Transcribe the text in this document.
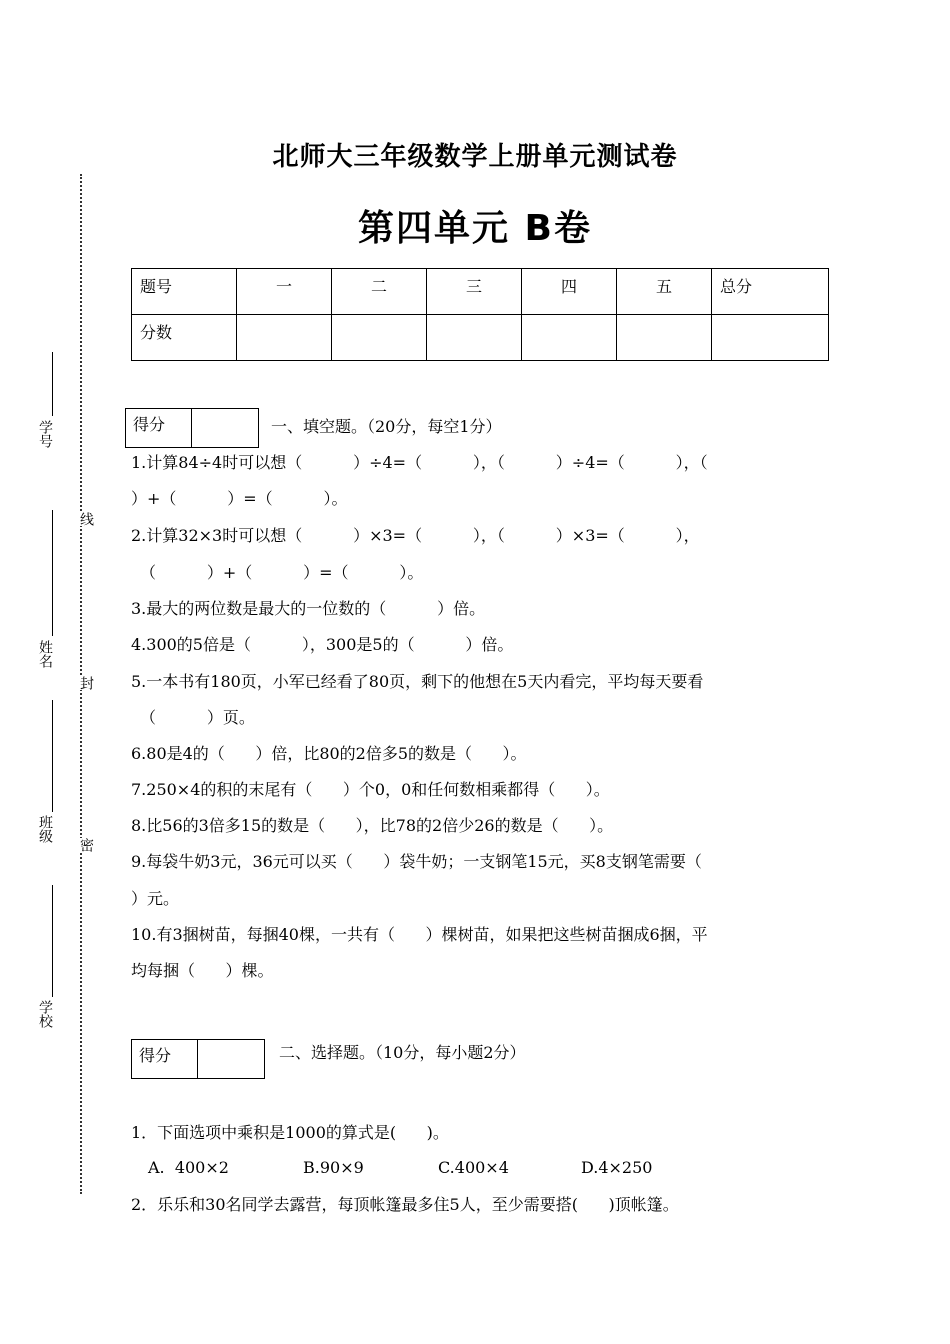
学号
姓名
班级
学校
线
封
密
北师大三年级数学上册单元测试卷
第四单元 B卷
题号	一	二	三	四	五	总分
分数						
得分	一、填空题。（20分，每空1分）
1.计算84÷4时可以想（          ）÷4=（          ），（          ）÷4=（          ），（
）+（          ）=（          ）。
2.计算32×3时可以想（          ）×3=（          ），（          ）×3=（          ），
（          ）+（          ）=（          ）。
3.最大的两位数是最大的一位数的（          ）倍。
4.300的5倍是（          ），300是5的（          ）倍。
5.一本书有180页，小军已经看了80页，剩下的他想在5天内看完，平均每天要看
（          ）页。
6.80是4的（      ）倍，比80的2倍多5的数是（      ）。
7.250×4的积的末尾有（      ）个0，0和任何数相乘都得（      ）。
8.比56的3倍多15的数是（      ），比78的2倍少26的数是（      ）。
9.每袋牛奶3元，36元可以买（      ）袋牛奶；一支钢笔15元，买8支钢笔需要（
）元。
10.有3捆树苗，每捆40棵，一共有（      ）棵树苗，如果把这些树苗捆成6捆，平
均每捆（      ）棵。
得分	二、选择题。（10分，每小题2分）
1．下面选项中乘积是1000的算式是(      )。
A.  400×2	B.90×9	C.400×4	D.4×250
2．乐乐和30名同学去露营，每顶帐篷最多住5人，至少需要搭(      )顶帐篷。
